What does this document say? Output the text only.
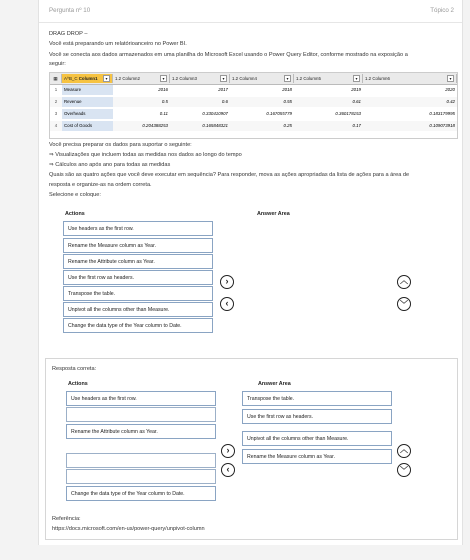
Pergunta nº 10	Tópico 2
DRAG DROP –
Você está preparando um relatórioanceiro no Power BI.
Você se conecta aos dados armazenados em uma planilha do Microsoft Excel usando o Power Query Editor, conforme mostrado na exposição a
seguir:
▦	A^B_C Column1	▾	1.2 Column2	▾	1.2 Column3	▾	1.2 Column4	▾	1.2 Column5	▾	1.2 Column6	▾
1	Measure	2016	2017	2018	2019	2020
2	Revenue	0.5	0.6	0.55	0.61	0.42
3	Overheads	0.11	0.330410907	0.167055779	0.360178153	0.183179995
4	Cost of Goods	0.204388253	0.165848321	0.25	0.17	0.109073918
Você precisa preparar os dados para suportar o seguinte:
⇒ Visualizações que incluem todas as medidas nos dados ao longo do tempo
⇒ Cálculos ano após ano para todas as medidas
Quais são as quatro ações que você deve executar em sequência? Para responder, mova as ações apropriadas da lista de ações para a área de
resposta e organize-as na ordem correta.
Selecione e coloque:
Actions	Answer Area
Use headers as the first row.
Rename the Measure column as Year.
Rename the Attribute column as Year.
Use the first row as headers.
Transpose the table.
Unpivot all the columns other than Measure.
Change the data type of the Year column to Date.
›
‹
︿
﹀
Resposta correta:
Actions	Answer Area
Use headers as the first row.
Rename the Attribute column as Year.
Change the data type of the Year column to Date.
Transpose the table.
Use the first row as headers.
Unpivot all the columns other than Measure.
Rename the Measure column as Year.
›
‹
︿
﹀
Referência:
https://docs.microsoft.com/en-us/power-query/unpivot-column
